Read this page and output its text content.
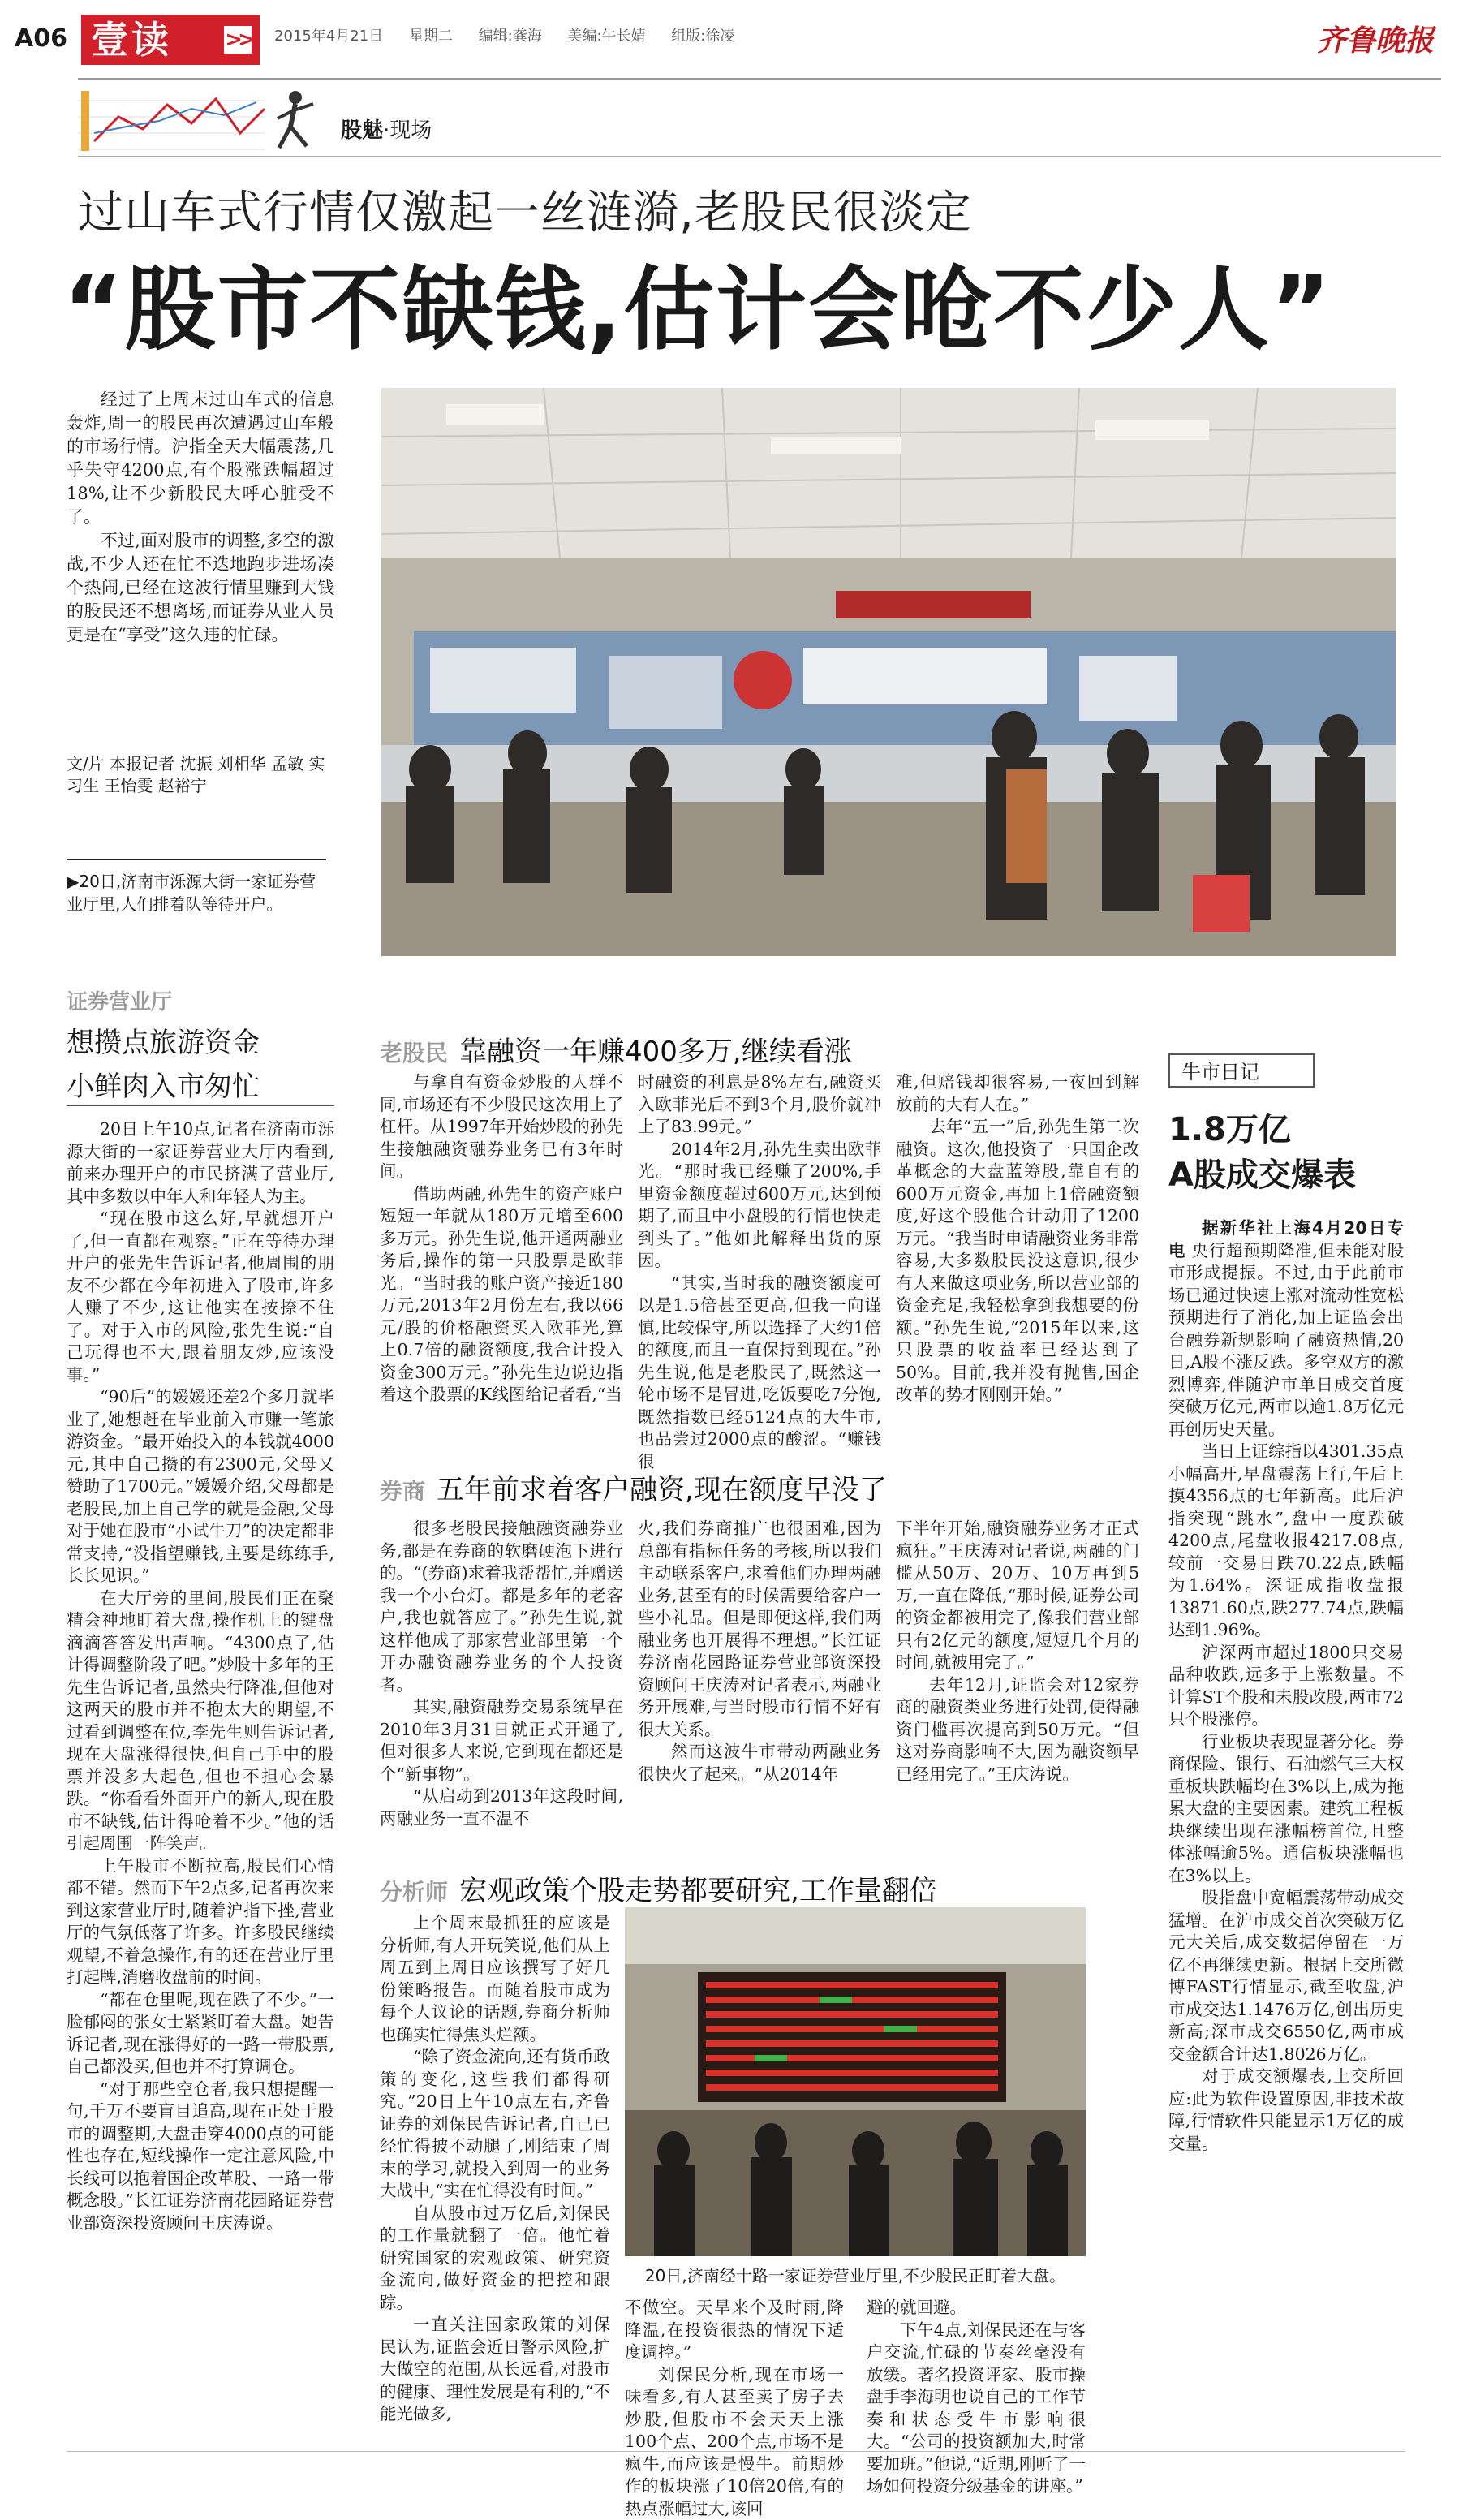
A06 壹读	>> 2015年4月21日 星期二 编辑:龚海 美编:牛长婧 组版:徐凌	齐鲁晚报
股魅·现场
过山车式行情仅激起一丝涟漪,老股民很淡定
“股市不缺钱,估计会呛不少人”

经过了上周末过山车式的信息轰炸,周一的股民再次遭遇过山车般的市场行情。沪指全天大幅震荡,几乎失守4200点,有个股涨跌幅超过18%,让不少新股民大呼心脏受不了。

不过,面对股市的调整,多空的激战,不少人还在忙不迭地跑步进场凑个热闹,已经在这波行情里赚到大钱的股民还不想离场,而证券从业人员更是在“享受”这久违的忙碌。

文/片 本报记者 沈振 刘相华 孟敏 实习生 王怡雯 赵裕宁
▶20日,济南市泺源大街一家证券营业厅里,人们排着队等待开户。
证券营业厅
想攒点旅游资金
小鲜肉入市匆忙

20日上午10点,记者在济南市泺源大街的一家证券营业大厅内看到,前来办理开户的市民挤满了营业厅,其中多数以中年人和年轻人为主。

“现在股市这么好,早就想开户了,但一直都在观察。”正在等待办理开户的张先生告诉记者,他周围的朋友不少都在今年初进入了股市,许多人赚了不少,这让他实在按捺不住了。对于入市的风险,张先生说:“自己玩得也不大,跟着朋友炒,应该没事。”

“90后”的媛媛还差2个多月就毕业了,她想赶在毕业前入市赚一笔旅游资金。“最开始投入的本钱就4000元,其中自己攒的有2300元,父母又赞助了1700元。”媛媛介绍,父母都是老股民,加上自己学的就是金融,父母对于她在股市“小试牛刀”的决定都非常支持,“没指望赚钱,主要是练练手,长长见识。”

在大厅旁的里间,股民们正在聚精会神地盯着大盘,操作机上的键盘滴滴答答发出声响。“4300点了,估计得调整阶段了吧。”炒股十多年的王先生告诉记者,虽然央行降准,但他对这两天的股市并不抱太大的期望,不过看到调整在位,李先生则告诉记者,现在大盘涨得很快,但自己手中的股票并没多大起色,但也不担心会暴跌。“你看看外面开户的新人,现在股市不缺钱,估计得呛着不少。”他的话引起周围一阵笑声。

上午股市不断拉高,股民们心情都不错。然而下午2点多,记者再次来到这家营业厅时,随着沪指下挫,营业厅的气氛低落了许多。许多股民继续观望,不着急操作,有的还在营业厅里打起牌,消磨收盘前的时间。

“都在仓里呢,现在跌了不少。”一脸郁闷的张女士紧紧盯着大盘。她告诉记者,现在涨得好的一路一带股票,自己都没买,但也并不打算调仓。

“对于那些空仓者,我只想提醒一句,千万不要盲目追高,现在正处于股市的调整期,大盘击穿4000点的可能性也存在,短线操作一定注意风险,中长线可以抱着国企改革股、一路一带概念股。”长江证券济南花园路证券营业部资深投资顾问王庆涛说。

老股民 靠融资一年赚400多万,继续看涨

与拿自有资金炒股的人群不同,市场还有不少股民这次用上了杠杆。从1997年开始炒股的孙先生接触融资融券业务已有3年时间。

借助两融,孙先生的资产账户短短一年就从180万元增至600多万元。孙先生说,他开通两融业务后,操作的第一只股票是欧菲光。“当时我的账户资产接近180万元,2013年2月份左右,我以66元/股的价格融资买入欧菲光,算上0.7倍的融资额度,我合计投入资金300万元。”孙先生边说边指着这个股票的K线图给记者看,“当

时融资的利息是8%左右,融资买入欧菲光后不到3个月,股价就冲上了83.99元。”

2014年2月,孙先生卖出欧菲光。“那时我已经赚了200%,手里资金额度超过600万元,达到预期了,而且中小盘股的行情也快走到头了。”他如此解释出货的原因。

“其实,当时我的融资额度可以是1.5倍甚至更高,但我一向谨慎,比较保守,所以选择了大约1倍的额度,而且一直保持到现在。”孙先生说,他是老股民了,既然这一轮市场不是冒进,吃饭要吃7分饱,既然指数已经5124点的大牛市,也品尝过2000点的酸涩。“赚钱很

难,但赔钱却很容易,一夜回到解放前的大有人在。”

去年“五一”后,孙先生第二次融资。这次,他投资了一只国企改革概念的大盘蓝筹股,靠自有的600万元资金,再加上1倍融资额度,好这个股他合计动用了1200万元。“我当时申请融资业务非常容易,大多数股民没这意识,很少有人来做这项业务,所以营业部的资金充足,我轻松拿到我想要的份额。”孙先生说,“2015年以来,这只股票的收益率已经达到了50%。目前,我并没有抛售,国企改革的势才刚刚开始。”

券商 五年前求着客户融资,现在额度早没了

很多老股民接触融资融券业务,都是在券商的软磨硬泡下进行的。“(券商)求着我帮帮忙,并赠送我一个小台灯。都是多年的老客户,我也就答应了。”孙先生说,就这样他成了那家营业部里第一个开办融资融券业务的个人投资者。

其实,融资融券交易系统早在2010年3月31日就正式开通了,但对很多人来说,它到现在都还是个“新事物”。

“从启动到2013年这段时间,两融业务一直不温不

火,我们券商推广也很困难,因为总部有指标任务的考核,所以我们主动联系客户,求着他们办理两融业务,甚至有的时候需要给客户一些小礼品。但是即便这样,我们两融业务也开展得不理想。”长江证券济南花园路证券营业部资深投资顾问王庆涛对记者表示,两融业务开展难,与当时股市行情不好有很大关系。

然而这波牛市带动两融业务很快火了起来。“从2014年

下半年开始,融资融券业务才正式疯狂。”王庆涛对记者说,两融的门槛从50万、20万、10万再到5万,一直在降低,“那时候,证券公司的资金都被用完了,像我们营业部只有2亿元的额度,短短几个月的时间,就被用完了。”

去年12月,证监会对12家券商的融资类业务进行处罚,使得融资门槛再次提高到50万元。“但这对券商影响不大,因为融资额早已经用完了。”王庆涛说。

分析师 宏观政策个股走势都要研究,工作量翻倍

上个周末最抓狂的应该是分析师,有人开玩笑说,他们从上周五到上周日应该撰写了好几份策略报告。而随着股市成为每个人议论的话题,券商分析师也确实忙得焦头烂额。

“除了资金流向,还有货币政策的变化,这些我们都得研究。”20日上午10点左右,齐鲁证券的刘保民告诉记者,自己已经忙得披不动腿了,刚结束了周末的学习,就投入到周一的业务大战中,“实在忙得没有时间。”

自从股市过万亿后,刘保民的工作量就翻了一倍。他忙着研究国家的宏观政策、研究资金流向,做好资金的把控和跟踪。

一直关注国家政策的刘保民认为,证监会近日警示风险,扩大做空的范围,从长远看,对股市的健康、理性发展是有利的,“不能光做多,

20日,济南经十路一家证券营业厅里,不少股民正盯着大盘。

不做空。天旱来个及时雨,降降温,在投资很热的情况下适度调控。”

刘保民分析,现在市场一味看多,有人甚至卖了房子去炒股,但股市不会天天上涨100个点、200个点,市场不是疯牛,而应该是慢牛。前期炒作的板块涨了10倍20倍,有的热点涨幅过大,该回

避的就回避。

下午4点,刘保民还在与客户交流,忙碌的节奏丝毫没有放缓。著名投资评家、股市操盘手李海明也说自己的工作节奏和状态受牛市影响很大。“公司的投资额加大,时常要加班。”他说,“近期,刚听了一场如何投资分级基金的讲座。”

牛市日记
1.8万亿
A股成交爆表

据新华社上海4月20日专电 央行超预期降准,但未能对股市形成提振。不过,由于此前市场已通过快速上涨对流动性宽松预期进行了消化,加上证监会出台融券新规影响了融资热情,20日,A股不涨反跌。多空双方的激烈博弈,伴随沪市单日成交首度突破万亿元,两市以逾1.8万亿元再创历史天量。

当日上证综指以4301.35点小幅高开,早盘震荡上行,午后上摸4356点的七年新高。此后沪指突现“跳水”,盘中一度跌破4200点,尾盘收报4217.08点,较前一交易日跌70.22点,跌幅为1.64%。深证成指收盘报13871.60点,跌277.74点,跌幅达到1.96%。

沪深两市超过1800只交易品种收跌,远多于上涨数量。不计算ST个股和未股改股,两市72只个股涨停。

行业板块表现显著分化。券商保险、银行、石油燃气三大权重板块跌幅均在3%以上,成为拖累大盘的主要因素。建筑工程板块继续出现在涨幅榜首位,且整体涨幅逾5%。通信板块涨幅也在3%以上。

股指盘中宽幅震荡带动成交猛增。在沪市成交首次突破万亿元大关后,成交数据停留在一万亿不再继续更新。根据上交所微博FAST行情显示,截至收盘,沪市成交达1.1476万亿,创出历史新高;深市成交6550亿,两市成交金额合计达1.8026万亿。

对于成交额爆表,上交所回应:此为软件设置原因,非技术故障,行情软件只能显示1万亿的成交量。
